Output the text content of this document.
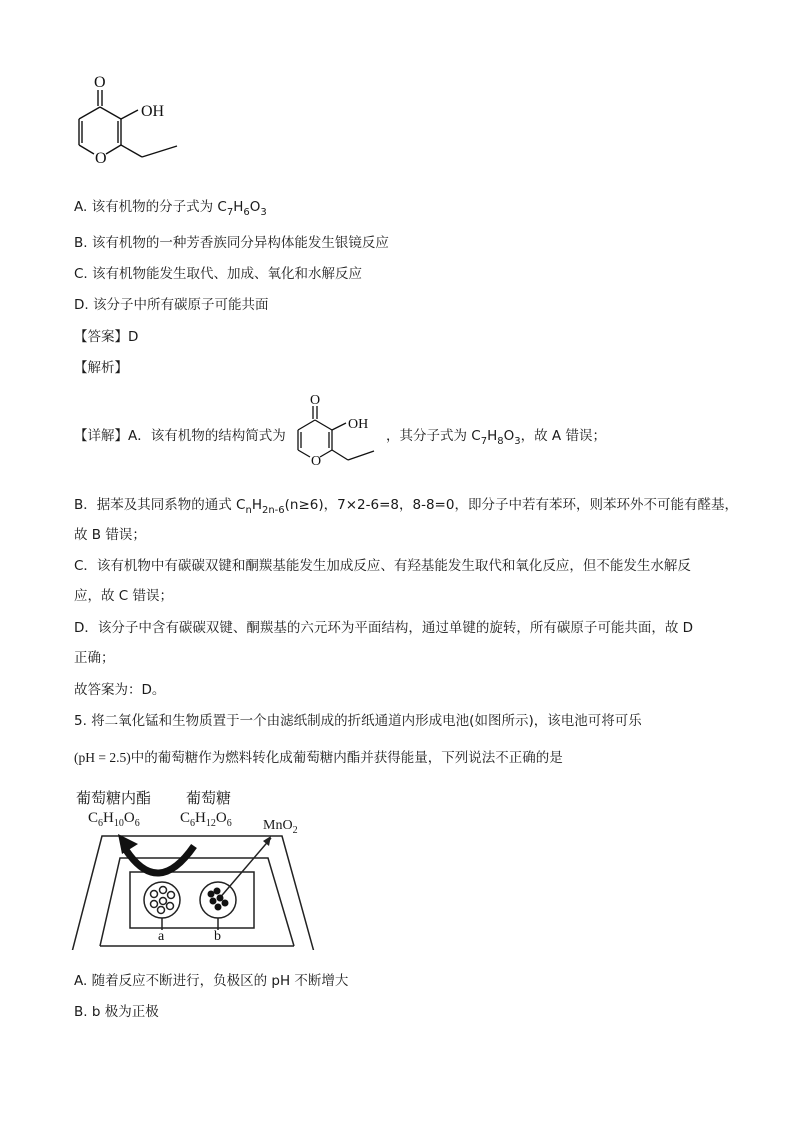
O
OH
O
A. 该有机物的分子式为 $C_7H_6O_3$
B. 该有机物的一种芳香族同分异构体能发生银镜反应
C. 该有机物能发生取代、加成、氧化和水解反应
D. 该分子中所有碳原子可能共面
【答案】D
【解析】
【详解】A．该有机物的结构简式为
O
OH
O
，其分子式为 $C_7H_8O_3$，故 A 错误；
B．据苯及其同系物的通式 $C_nH_{2n-6}(n\ge 6)$，7×2-6=8，8-8=0，即分子中若有苯环，则苯环外不可能有醛基，
故 B 错误；
C．该有机物中有碳碳双键和酮羰基能发生加成反应、有羟基能发生取代和氧化反应，但不能发生水解反
应，故 C 错误；
D．该分子中含有碳碳双键、酮羰基的六元环为平面结构，通过单键的旋转，所有碳原子可能共面，故 D
正确；
故答案为：D。
5. 将二氧化锰和生物质置于一个由滤纸制成的折纸通道内形成电池(如图所示)，该电池可将可乐
(pH = 2.5)中的葡萄糖作为燃料转化成葡萄糖内酯并获得能量，下列说法不正确的是
a	b
葡萄糖内酯
$C_6H_{10}O_6$
葡萄糖
$C_6H_{12}O_6$ MnO$_2$
A. 随着反应不断进行，负极区的 pH 不断增大
B. b 极为正极
